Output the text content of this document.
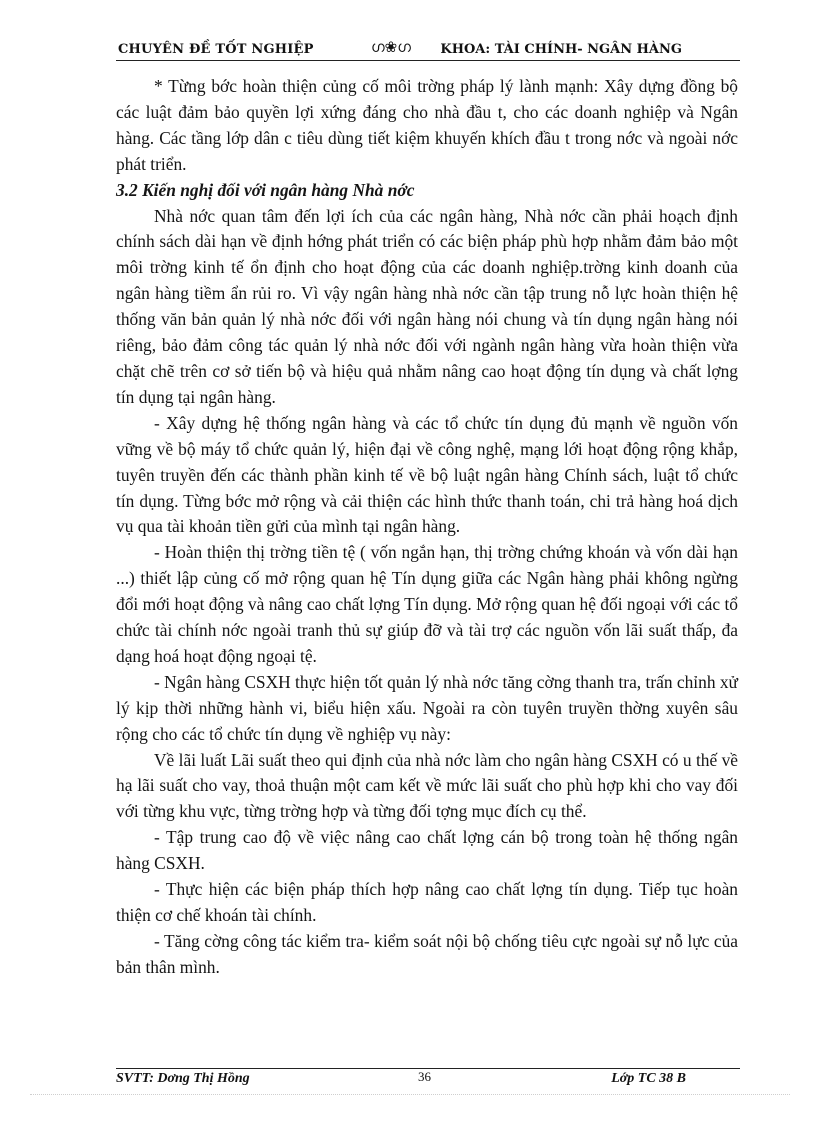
CHUYÊN ĐỀ TỐT NGHIỆP	ഗ❀ഗ KHOA: TÀI CHÍNH- NGÂN HÀNG

* Từng bớc hoàn thiện củng cố môi trờng pháp lý lành mạnh: Xây dựng đồng bộ các luật đảm bảo quyền lợi xứng đáng cho nhà đầu t, cho các doanh nghiệp và Ngân hàng. Các tầng lớp dân c tiêu dùng tiết kiệm khuyến khích đầu t trong nớc và ngoài nớc phát triển.

3.2 Kiến nghị đối với ngân hàng Nhà nớc

Nhà nớc quan tâm đến lợi ích của các ngân hàng, Nhà nớc cần phải hoạch định chính sách dài hạn về định hớng phát triển có các biện pháp phù hợp nhằm đảm bảo một môi trờng kinh tế ổn định cho hoạt động của các doanh nghiệp.trờng kinh doanh của ngân hàng tiềm ẩn rủi ro. Vì vậy ngân hàng nhà nớc cần tập trung nỗ lực hoàn thiện hệ thống văn bản quản lý nhà nớc đối với ngân hàng nói chung và tín dụng ngân hàng nói riêng, bảo đảm công tác quản lý nhà nớc đối với ngành ngân hàng vừa hoàn thiện vừa chặt chẽ trên cơ sở tiến bộ và hiệu quả nhằm nâng cao hoạt động tín dụng và chất lợng tín dụng tại ngân hàng.

- Xây dựng hệ thống ngân hàng và các tổ chức tín dụng đủ mạnh về nguồn vốn vững về bộ máy tổ chức quản lý, hiện đại về công nghệ, mạng lới hoạt động rộng khắp, tuyên truyền đến các thành phần kinh tế về bộ luật ngân hàng Chính sách, luật tổ chức tín dụng. Từng bớc mở rộng và cải thiện các hình thức thanh toán, chi trả hàng hoá dịch vụ qua tài khoản tiền gửi của mình tại ngân hàng.

- Hoàn thiện thị trờng tiền tệ ( vốn ngắn hạn, thị trờng chứng khoán và vốn dài hạn ...) thiết lập củng cố mở rộng quan hệ Tín dụng giữa các Ngân hàng phải không ngừng đổi mới hoạt động và nâng cao chất lợng Tín dụng. Mở rộng quan hệ đối ngoại với các tổ chức tài chính nớc ngoài tranh thủ sự giúp đỡ và tài trợ các nguồn vốn lãi suất thấp, đa dạng hoá hoạt động ngoại tệ.

- Ngân hàng CSXH thực hiện tốt quản lý nhà nớc tăng cờng thanh tra, trấn chỉnh xử lý kịp thời những hành vi, biểu hiện xấu. Ngoài ra còn tuyên truyền thờng xuyên sâu rộng cho các tổ chức tín dụng về nghiệp vụ này:

Về lãi luất Lãi suất theo qui định của nhà nớc làm cho ngân hàng CSXH có u thế về hạ lãi suất cho vay, thoả thuận một cam kết về mức lãi suất cho phù hợp khi cho vay đối với từng khu vực, từng trờng hợp và từng đối tợng mục đích cụ thể.

- Tập trung cao độ về việc nâng cao chất lợng cán bộ trong toàn hệ thống ngân hàng CSXH.

- Thực hiện các biện pháp thích hợp nâng cao chất lợng tín dụng. Tiếp tục hoàn thiện cơ chế khoán tài chính.

- Tăng cờng công tác kiểm tra- kiểm soát nội bộ chống tiêu cực ngoài sự nỗ lực của bản thân mình.

SVTT: Dơng Thị Hồng	36	Lớp TC 38 B
